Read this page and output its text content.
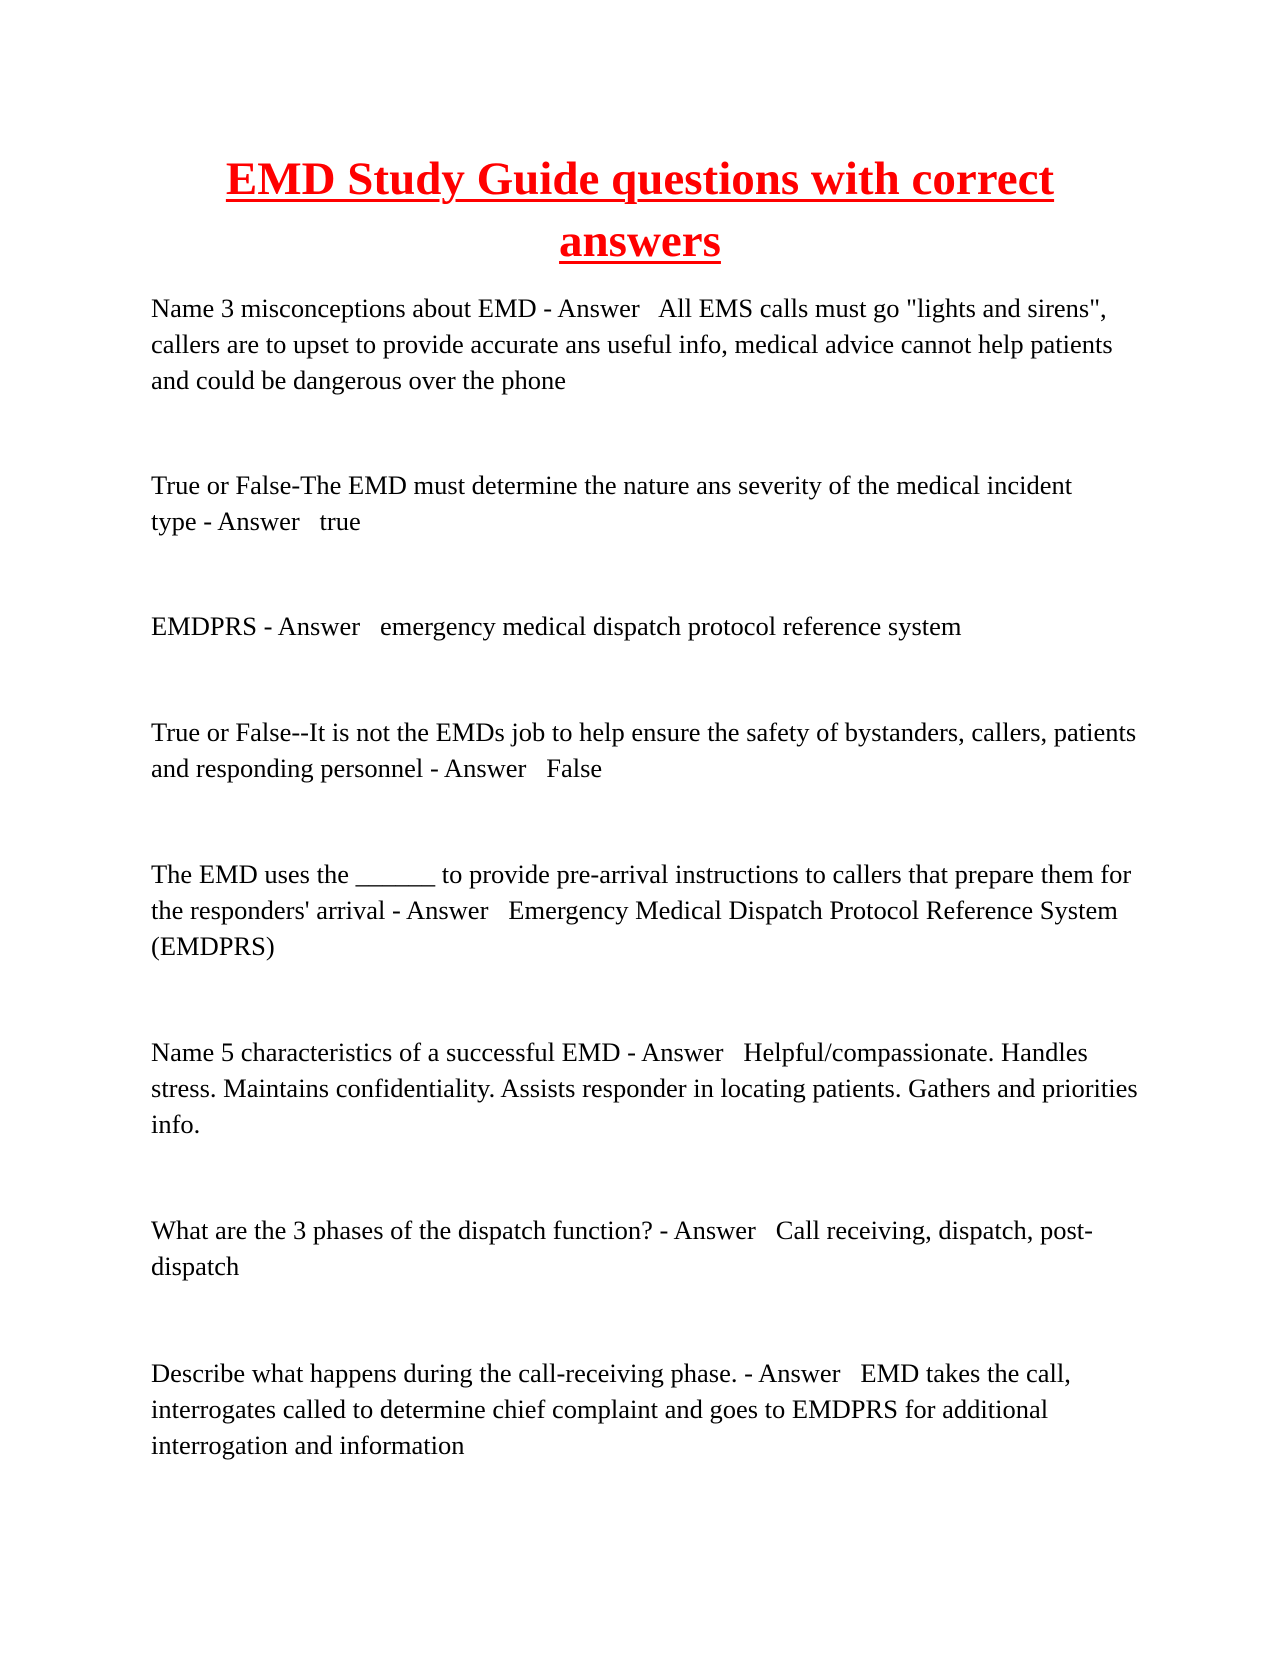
EMD Study Guide questions with correct answers

Name 3 misconceptions about EMD - Answer   All EMS calls must go "lights and sirens", callers are to upset to provide accurate ans useful info, medical advice cannot help patients and could be dangerous over the phone

True or False-The EMD must determine the nature ans severity of the medical incident type - Answer   true

EMDPRS - Answer   emergency medical dispatch protocol reference system

True or False--It is not the EMDs job to help ensure the safety of bystanders, callers, patients and responding personnel - Answer   False

The EMD uses the ______ to provide pre-arrival instructions to callers that prepare them for the responders' arrival - Answer   Emergency Medical Dispatch Protocol Reference System (EMDPRS)

Name 5 characteristics of a successful EMD - Answer   Helpful/compassionate. Handles stress. Maintains confidentiality. Assists responder in locating patients. Gathers and priorities info.

What are the 3 phases of the dispatch function? - Answer   Call receiving, dispatch, post-dispatch

Describe what happens during the call-receiving phase. - Answer   EMD takes the call, interrogates called to determine chief complaint and goes to EMDPRS for additional interrogation and information
